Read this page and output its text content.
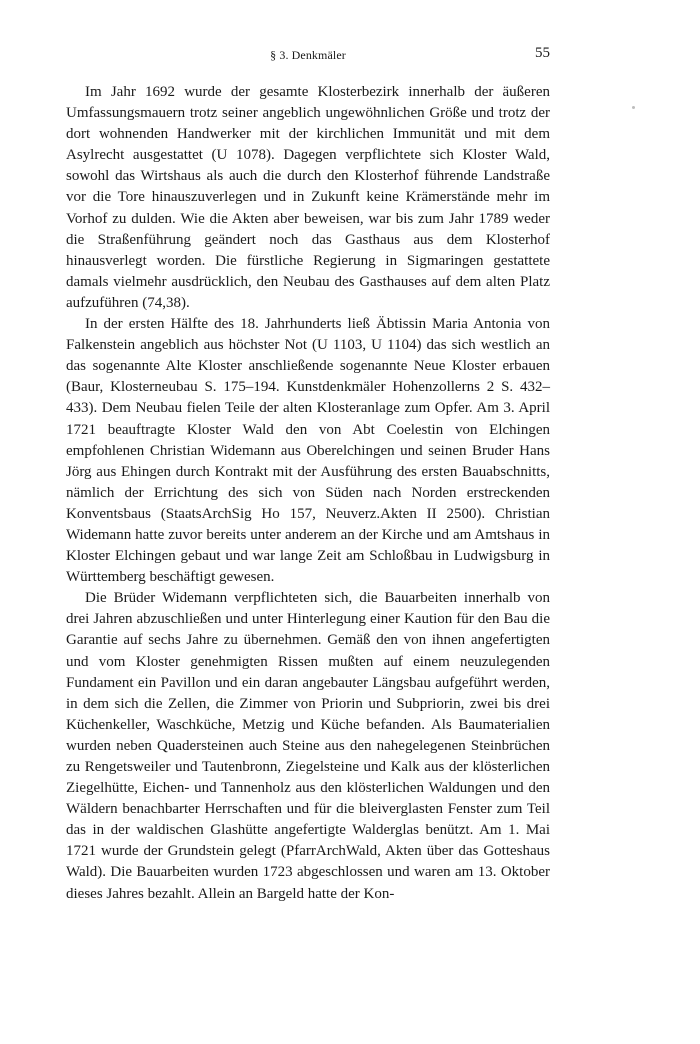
§ 3. Denkmäler	55

Im Jahr 1692 wurde der gesamte Klosterbezirk innerhalb der äußeren Umfassungsmauern trotz seiner angeblich ungewöhnlichen Größe und trotz der dort wohnenden Handwerker mit der kirchlichen Immunität und mit dem Asylrecht ausgestattet (U 1078). Dagegen verpflichtete sich Kloster Wald, sowohl das Wirtshaus als auch die durch den Klosterhof führende Landstraße vor die Tore hinauszuverlegen und in Zukunft keine Krämerstände mehr im Vorhof zu dulden. Wie die Akten aber beweisen, war bis zum Jahr 1789 weder die Straßenführung geändert noch das Gasthaus aus dem Klosterhof hinausverlegt worden. Die fürstliche Regierung in Sigmaringen gestattete damals vielmehr ausdrücklich, den Neubau des Gasthauses auf dem alten Platz aufzuführen (74,38).

In der ersten Hälfte des 18. Jahrhunderts ließ Äbtissin Maria Antonia von Falkenstein angeblich aus höchster Not (U 1103, U 1104) das sich westlich an das sogenannte Alte Kloster anschließende sogenannte Neue Kloster erbauen (Baur, Klosterneubau S. 175–194. Kunstdenkmäler Hohenzollerns 2 S. 432–433). Dem Neubau fielen Teile der alten Klosteranlage zum Opfer. Am 3. April 1721 beauftragte Kloster Wald den von Abt Coelestin von Elchingen empfohlenen Christian Widemann aus Oberelchingen und seinen Bruder Hans Jörg aus Ehingen durch Kontrakt mit der Ausführung des ersten Bauabschnitts, nämlich der Errichtung des sich von Süden nach Norden erstreckenden Konventsbaus (StaatsArchSig Ho 157, Neuverz.Akten II 2500). Christian Widemann hatte zuvor bereits unter anderem an der Kirche und am Amtshaus in Kloster Elchingen gebaut und war lange Zeit am Schloßbau in Ludwigsburg in Württemberg beschäftigt gewesen.

Die Brüder Widemann verpflichteten sich, die Bauarbeiten innerhalb von drei Jahren abzuschließen und unter Hinterlegung einer Kaution für den Bau die Garantie auf sechs Jahre zu übernehmen. Gemäß den von ihnen angefertigten und vom Kloster genehmigten Rissen mußten auf einem neuzulegenden Fundament ein Pavillon und ein daran angebauter Längsbau aufgeführt werden, in dem sich die Zellen, die Zimmer von Priorin und Subpriorin, zwei bis drei Küchenkeller, Waschküche, Metzig und Küche befanden. Als Baumaterialien wurden neben Quadersteinen auch Steine aus den nahegelegenen Steinbrüchen zu Rengetsweiler und Tautenbronn, Ziegelsteine und Kalk aus der klösterlichen Ziegelhütte, Eichen- und Tannenholz aus den klösterlichen Waldungen und den Wäldern benachbarter Herrschaften und für die bleiverglasten Fenster zum Teil das in der waldischen Glashütte angefertigte Walderglas benützt. Am 1. Mai 1721 wurde der Grundstein gelegt (PfarrArchWald, Akten über das Gotteshaus Wald). Die Bauarbeiten wurden 1723 abgeschlossen und waren am 13. Oktober dieses Jahres bezahlt. Allein an Bargeld hatte der Kon-
